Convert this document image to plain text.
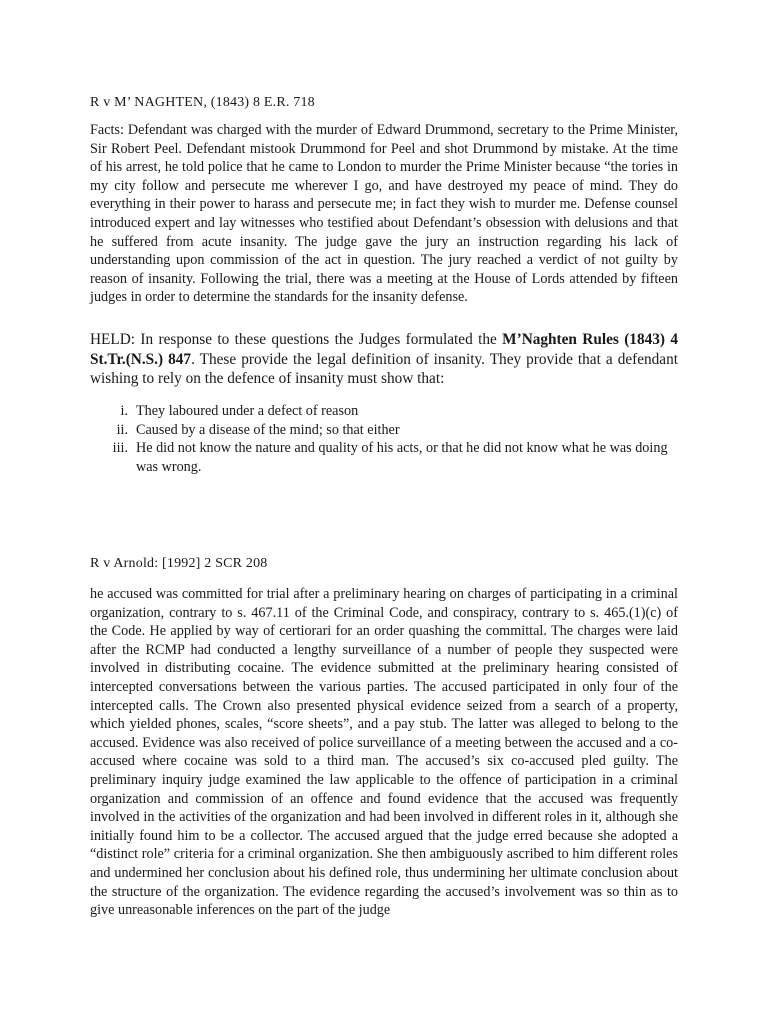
R v M’ NAGHTEN, (1843) 8 E.R. 718

Facts: Defendant was charged with the murder of Edward Drummond, secretary to the Prime Minister, Sir Robert Peel. Defendant mistook Drummond for Peel and shot Drummond by mistake. At the time of his arrest, he told police that he came to London to murder the Prime Minister because “the tories in my city follow and persecute me wherever I go, and have destroyed my peace of mind. They do everything in their power to harass and persecute me; in fact they wish to murder me. Defense counsel introduced expert and lay witnesses who testified about Defendant’s obsession with delusions and that he suffered from acute insanity. The judge gave the jury an instruction regarding his lack of understanding upon commission of the act in question. The jury reached a verdict of not guilty by reason of insanity. Following the trial, there was a meeting at the House of Lords attended by fifteen judges in order to determine the standards for the insanity defense.

HELD: In response to these questions the Judges formulated the M’Naghten Rules (1843) 4 St.Tr.(N.S.) 847. These provide the legal definition of insanity. They provide that a defendant wishing to rely on the defence of insanity must show that:

i. They laboured under a defect of reason
ii. Caused by a disease of the mind; so that either
iii. He did not know the nature and quality of his acts, or that he did not know what he was doing was wrong.
R v Arnold: [1992] 2 SCR 208

he accused was committed for trial after a preliminary hearing on charges of participating in a criminal organization, contrary to s. 467.11 of the Criminal Code, and conspiracy, contrary to s. 465.(1)(c) of the Code. He applied by way of certiorari for an order quashing the committal. The charges were laid after the RCMP had conducted a lengthy surveillance of a number of people they suspected were involved in distributing cocaine. The evidence submitted at the preliminary hearing consisted of intercepted conversations between the various parties. The accused participated in only four of the intercepted calls. The Crown also presented physical evidence seized from a search of a property, which yielded phones, scales, “score sheets”, and a pay stub. The latter was alleged to belong to the accused. Evidence was also received of police surveillance of a meeting between the accused and a co-accused where cocaine was sold to a third man. The accused’s six co-accused pled guilty. The preliminary inquiry judge examined the law applicable to the offence of participation in a criminal organization and commission of an offence and found evidence that the accused was frequently involved in the activities of the organization and had been involved in different roles in it, although she initially found him to be a collector. The accused argued that the judge erred because she adopted a “distinct role” criteria for a criminal organization. She then ambiguously ascribed to him different roles and undermined her conclusion about his defined role, thus undermining her ultimate conclusion about the structure of the organization. The evidence regarding the accused’s involvement was so thin as to give unreasonable inferences on the part of the judge
